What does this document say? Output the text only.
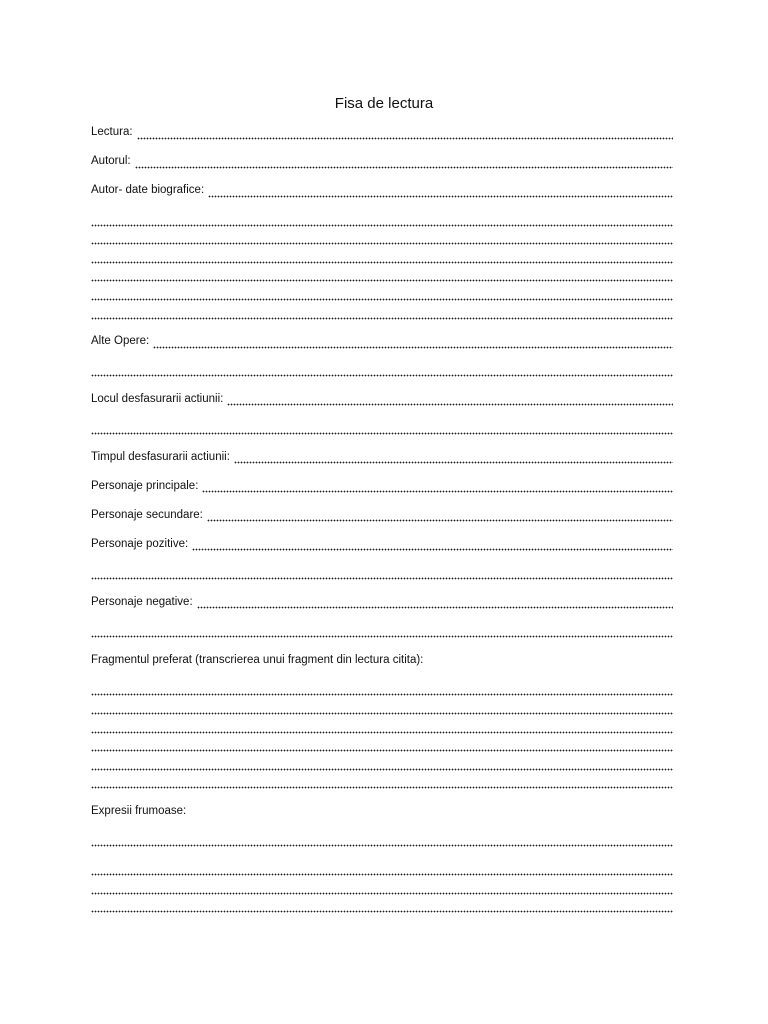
Fisa de lectura
Lectura:
Autorul:
Autor- date biografice:
Alte Opere:
Locul desfasurarii actiunii:
Timpul desfasurarii actiunii:
Personaje principale:
Personaje secundare:
Personaje pozitive:
Personaje negative:
Fragmentul preferat (transcrierea unui fragment din lectura citita):
Expresii frumoase:
